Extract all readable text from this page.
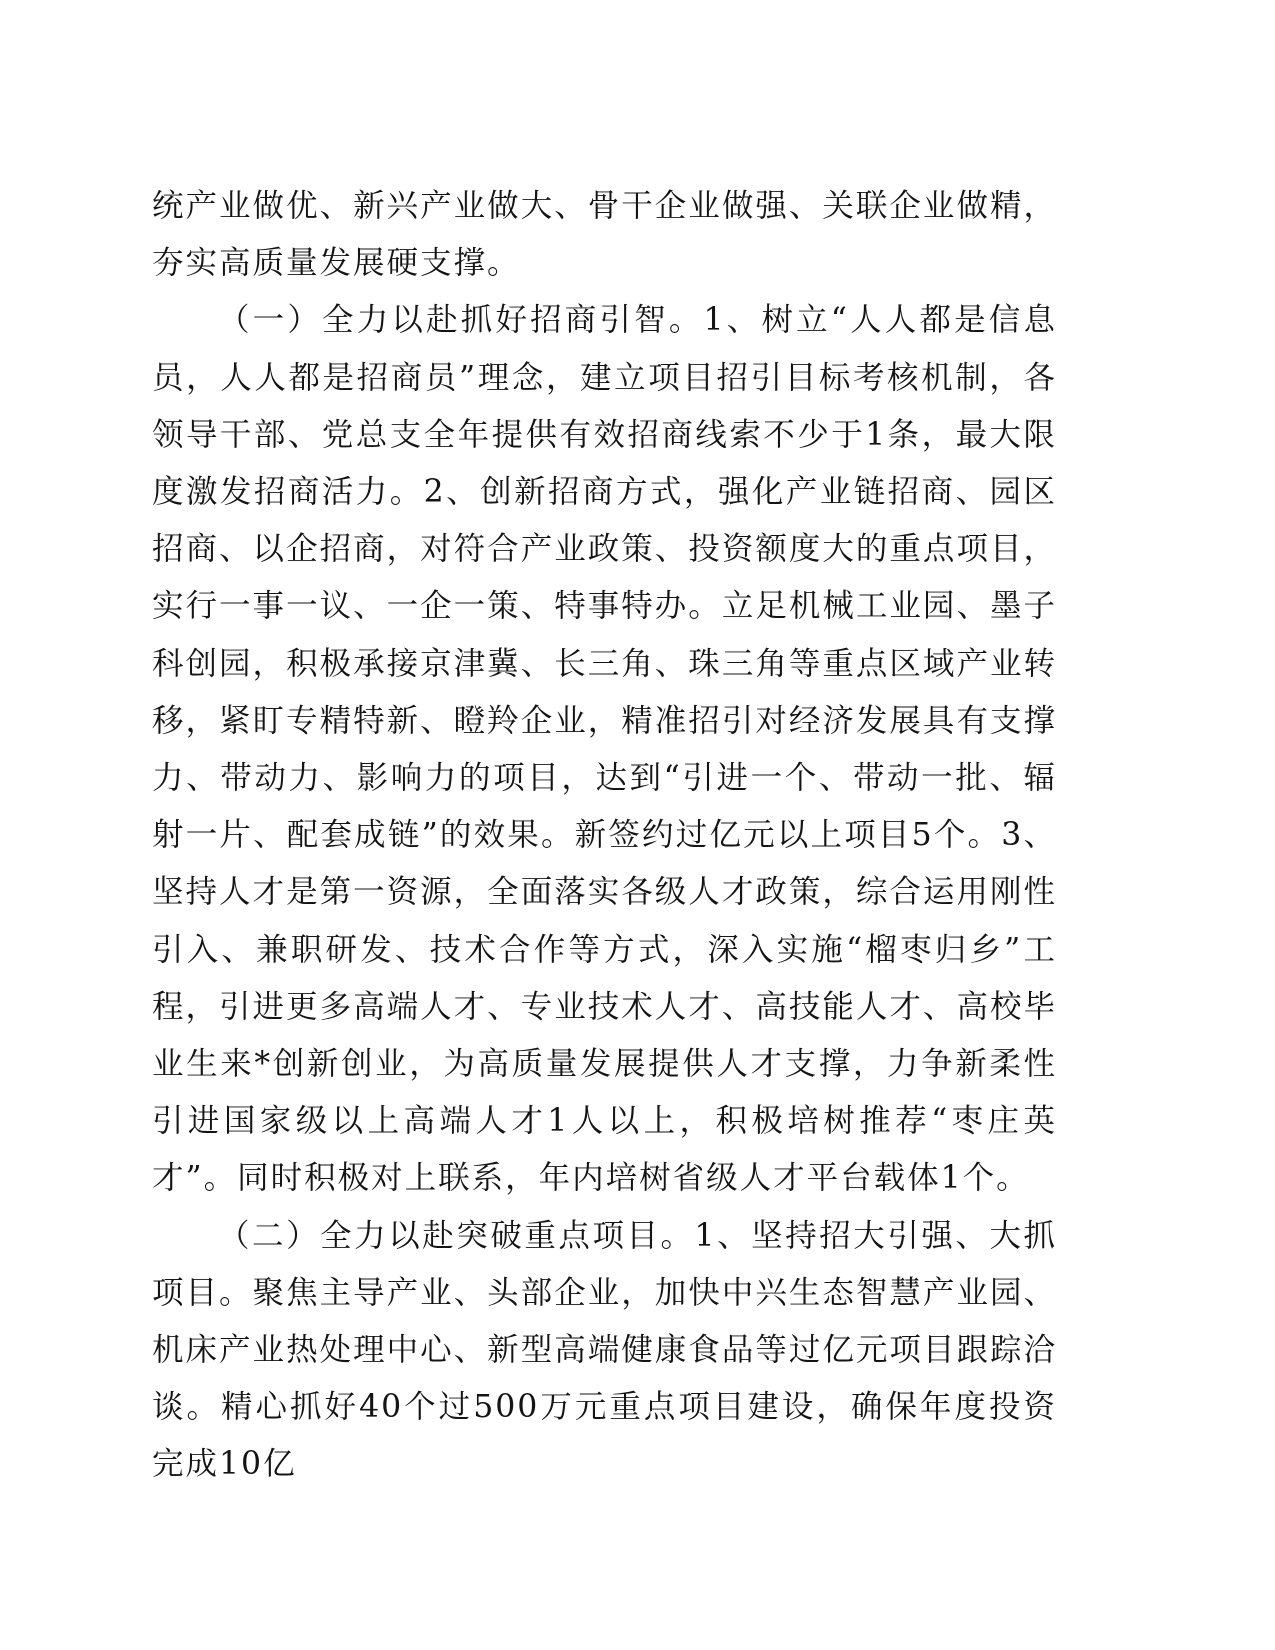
统产业做优、新兴产业做大、骨干企业做强、关联企业做精，夯实高质量发展硬支撑。

（一）全力以赴抓好招商引智。1、树立“人人都是信息员，人人都是招商员”理念，建立项目招引目标考核机制，各领导干部、党总支全年提供有效招商线索不少于1条，最大限度激发招商活力。2、创新招商方式，强化产业链招商、园区招商、以企招商，对符合产业政策、投资额度大的重点项目，实行一事一议、一企一策、特事特办。立足机械工业园、墨子科创园，积极承接京津冀、长三角、珠三角等重点区域产业转移，紧盯专精特新、瞪羚企业，精准招引对经济发展具有支撑力、带动力、影响力的项目，达到“引进一个、带动一批、辐射一片、配套成链”的效果。新签约过亿元以上项目5个。3、坚持人才是第一资源，全面落实各级人才政策，综合运用刚性引入、兼职研发、技术合作等方式，深入实施“榴枣归乡”工程，引进更多高端人才、专业技术人才、高技能人才、高校毕业生来*创新创业，为高质量发展提供人才支撑，力争新柔性引进国家级以上高端人才1人以上，积极培树推荐“枣庄英才”。同时积极对上联系，年内培树省级人才平台载体1个。

（二）全力以赴突破重点项目。1、坚持招大引强、大抓项目。聚焦主导产业、头部企业，加快中兴生态智慧产业园、机床产业热处理中心、新型高端健康食品等过亿元项目跟踪洽谈。精心抓好40个过500万元重点项目建设，确保年度投资完成10亿
